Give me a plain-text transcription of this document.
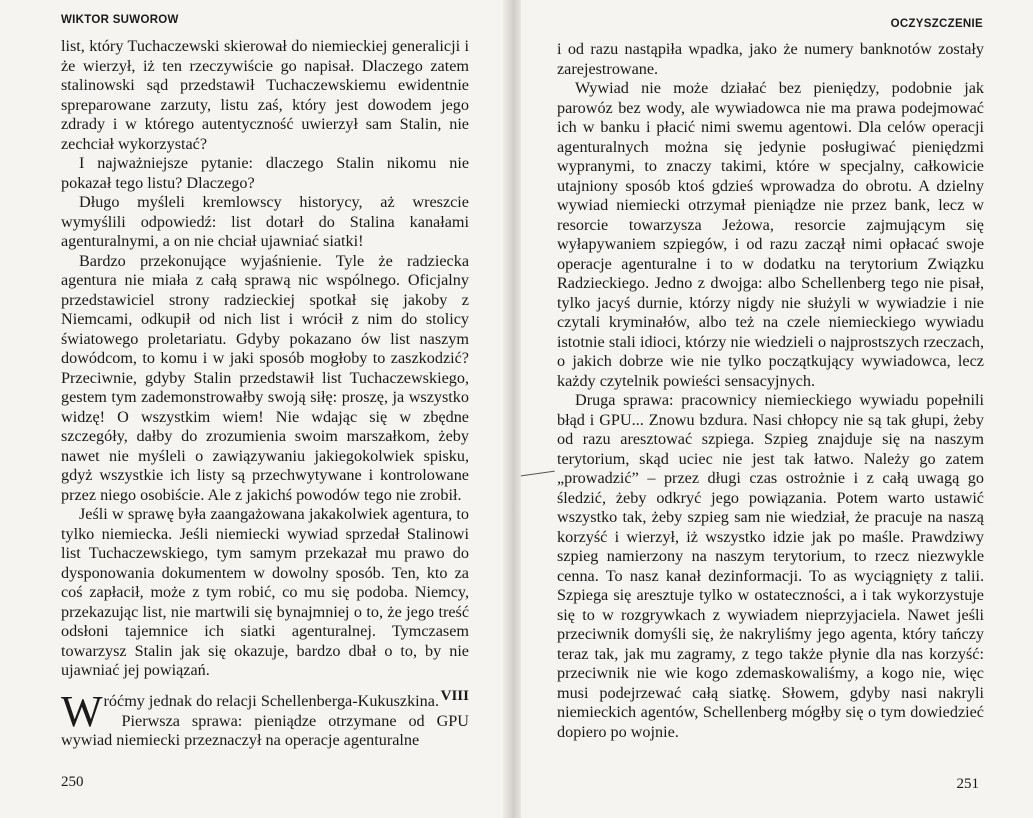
WIKTOR SUWOROW

list, który Tuchaczewski skierował do niemieckiej generalicji i że wierzył, iż ten rzeczywiście go napisał. Dlaczego zatem stalinowski sąd przedstawił Tuchaczewskiemu ewidentnie spreparowane zarzuty, listu zaś, który jest dowodem jego zdrady i w którego autentyczność uwierzył sam Stalin, nie zechciał wykorzystać?

I najważniejsze pytanie: dlaczego Stalin nikomu nie pokazał tego listu? Dlaczego?

Długo myśleli kremlowscy historycy, aż wreszcie wymyślili odpowiedź: list dotarł do Stalina kanałami agenturalnymi, a on nie chciał ujawniać siatki!

Bardzo przekonujące wyjaśnienie. Tyle że radziecka agentura nie miała z całą sprawą nic wspólnego. Oficjalny przedstawiciel strony radzieckiej spotkał się jakoby z Niemcami, odkupił od nich list i wrócił z nim do stolicy światowego proletariatu. Gdyby pokazano ów list naszym dowódcom, to komu i w jaki sposób mogłoby to zaszkodzić? Przeciwnie, gdyby Stalin przedstawił list Tuchaczewskiego, gestem tym zademonstrowałby swoją siłę: proszę, ja wszystko widzę! O wszystkim wiem! Nie wdając się w zbędne szczegóły, dałby do zrozumienia swoim marszałkom, żeby nawet nie myśleli o zawiązywaniu jakiegokolwiek spisku, gdyż wszystkie ich listy są przechwytywane i kontrolowane przez niego osobiście. Ale z jakichś powodów tego nie zrobił.

Jeśli w sprawę była zaangażowana jakakolwiek agentura, to tylko niemiecka. Jeśli niemiecki wywiad sprzedał Stalinowi list Tuchaczewskiego, tym samym przekazał mu prawo do dysponowania dokumentem w dowolny sposób. Ten, kto za coś zapłacił, może z tym robić, co mu się podoba. Niemcy, przekazując list, nie martwili się bynajmniej o to, że jego treść odsłoni tajemnice ich siatki agenturalnej. Tymczasem towarzysz Stalin jak się okazuje, bardzo dbał o to, by nie ujawniać jej powiązań.

VIII

Wróćmy jednak do relacji Schellenberga-Kukuszkina.

Pierwsza sprawa: pieniądze otrzymane od GPU wywiad niemiecki przeznaczył na operacje agenturalne

250
OCZYSZCZENIE

i od razu nastąpiła wpadka, jako że numery banknotów zostały zarejestrowane.

Wywiad nie może działać bez pieniędzy, podobnie jak parowóz bez wody, ale wywiadowca nie ma prawa podejmować ich w banku i płacić nimi swemu agentowi. Dla celów operacji agenturalnych można się jedynie posługiwać pieniędzmi wypranymi, to znaczy takimi, które w specjalny, całkowicie utajniony sposób ktoś gdzieś wprowadza do obrotu. A dzielny wywiad niemiecki otrzymał pieniądze nie przez bank, lecz w resorcie towarzysza Jeżowa, resorcie zajmującym się wyłapywaniem szpiegów, i od razu zaczął nimi opłacać swoje operacje agenturalne i to w dodatku na terytorium Związku Radzieckiego. Jedno z dwojga: albo Schellenberg tego nie pisał, tylko jacyś durnie, którzy nigdy nie służyli w wywiadzie i nie czytali kryminałów, albo też na czele niemieckiego wywiadu istotnie stali idioci, którzy nie wiedzieli o najprostszych rzeczach, o jakich dobrze wie nie tylko początkujący wywiadowca, lecz każdy czytelnik powieści sensacyjnych.

Druga sprawa: pracownicy niemieckiego wywiadu popełnili błąd i GPU... Znowu bzdura. Nasi chłopcy nie są tak głupi, żeby od razu aresztować szpiega. Szpieg znajduje się na naszym terytorium, skąd uciec nie jest tak łatwo. Należy go zatem „prowadzić” – przez długi czas ostrożnie i z całą uwagą go śledzić, żeby odkryć jego powiązania. Potem warto ustawić wszystko tak, żeby szpieg sam nie wiedział, że pracuje na naszą korzyść i wierzył, iż wszystko idzie jak po maśle. Prawdziwy szpieg namierzony na naszym terytorium, to rzecz niezwykle cenna. To nasz kanał dezinformacji. To as wyciągnięty z talii. Szpiega się aresztuje tylko w ostateczności, a i tak wykorzystuje się to w rozgrywkach z wywiadem nieprzyjaciela. Nawet jeśli przeciwnik domyśli się, że nakryliśmy jego agenta, który tańczy teraz tak, jak mu zagramy, z tego także płynie dla nas korzyść: przeciwnik nie wie kogo zdemaskowaliśmy, a kogo nie, więc musi podejrzewać całą siatkę. Słowem, gdyby nasi nakryli niemieckich agentów, Schellenberg mógłby się o tym dowiedzieć dopiero po wojnie.

251
